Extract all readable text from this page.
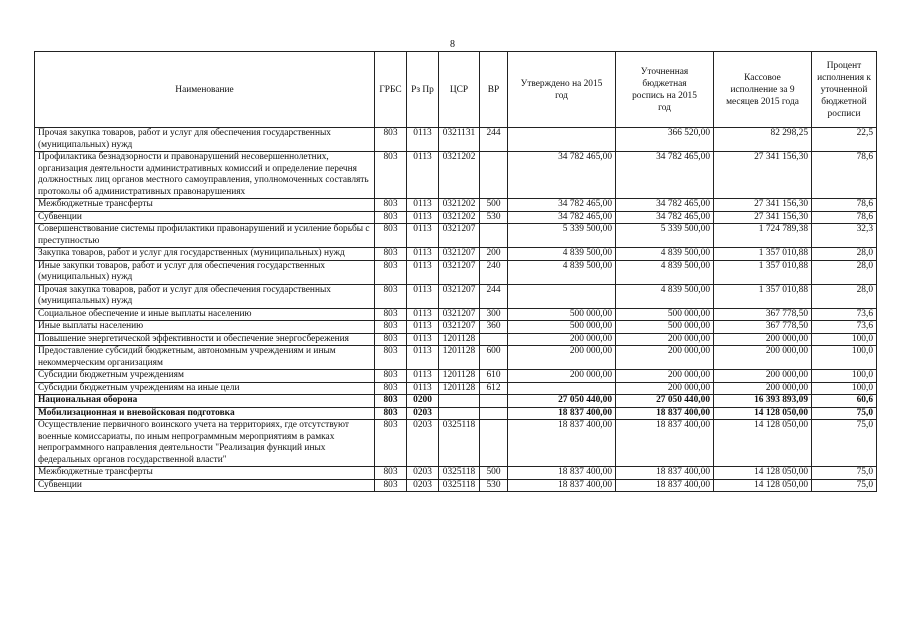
8
Наименование	ГРБС	Рз Пр	ЦСР	ВР	Утверждено на 2015 год	Уточненная бюджетная роспись на 2015 год	Кассовое исполнение за 9 месяцев 2015 года	Процент исполнения к уточненной бюджетной росписи
Прочая закупка товаров, работ и услуг для обеспечения государственных (муниципальных) нужд	803	0113	0321131	244		366 520,00	82 298,25	22,5
Профилактика безнадзорности и правонарушений несовершеннолетних, организация деятельности административных комиссий и определение перечня должностных лиц органов местного самоуправления, уполномоченных составлять протоколы об административных правонарушениях	803	0113	0321202		34 782 465,00	34 782 465,00	27 341 156,30	78,6
Межбюджетные трансферты	803	0113	0321202	500	34 782 465,00	34 782 465,00	27 341 156,30	78,6
Субвенции	803	0113	0321202	530	34 782 465,00	34 782 465,00	27 341 156,30	78,6
Совершенствование системы профилактики правонарушений и усиление борьбы с преступностью	803	0113	0321207		5 339 500,00	5 339 500,00	1 724 789,38	32,3
Закупка товаров, работ и услуг для государственных (муниципальных) нужд	803	0113	0321207	200	4 839 500,00	4 839 500,00	1 357 010,88	28,0
Иные закупки товаров, работ и услуг для обеспечения государственных (муниципальных) нужд	803	0113	0321207	240	4 839 500,00	4 839 500,00	1 357 010,88	28,0
Прочая закупка товаров, работ и услуг для обеспечения государственных (муниципальных) нужд	803	0113	0321207	244		4 839 500,00	1 357 010,88	28,0
Социальное обеспечение и иные выплаты населению	803	0113	0321207	300	500 000,00	500 000,00	367 778,50	73,6
Иные выплаты населению	803	0113	0321207	360	500 000,00	500 000,00	367 778,50	73,6
Повышение энергетической эффективности и обеспечение энергосбережения	803	0113	1201128		200 000,00	200 000,00	200 000,00	100,0
Предоставление субсидий бюджетным, автономным учреждениям и иным некоммерческим организациям	803	0113	1201128	600	200 000,00	200 000,00	200 000,00	100,0
Субсидии бюджетным учреждениям	803	0113	1201128	610	200 000,00	200 000,00	200 000,00	100,0
Субсидии бюджетным учреждениям на иные цели	803	0113	1201128	612		200 000,00	200 000,00	100,0
Национальная оборона	803	0200			27 050 440,00	27 050 440,00	16 393 893,09	60,6
Мобилизационная и вневойсковая подготовка	803	0203			18 837 400,00	18 837 400,00	14 128 050,00	75,0
Осуществление первичного воинского учета на территориях, где отсутствуют военные комиссариаты, по иным непрограммным мероприятиям в рамках непрограммного направления деятельности "Реализация функций иных федеральных органов государственной власти"	803	0203	0325118		18 837 400,00	18 837 400,00	14 128 050,00	75,0
Межбюджетные трансферты	803	0203	0325118	500	18 837 400,00	18 837 400,00	14 128 050,00	75,0
Субвенции	803	0203	0325118	530	18 837 400,00	18 837 400,00	14 128 050,00	75,0
